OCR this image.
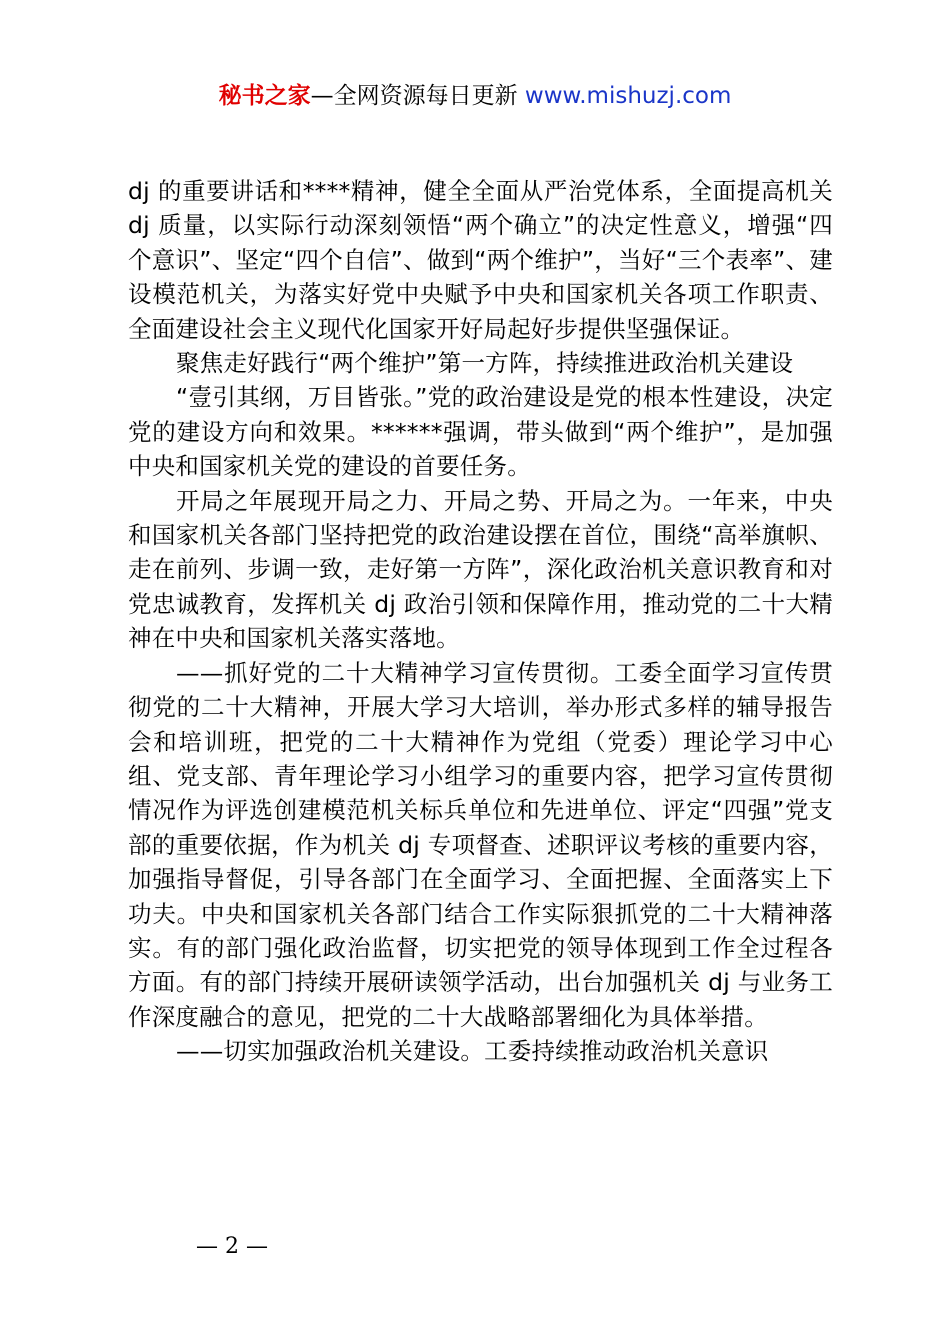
秘书之家—全网资源每日更新 www.mishuzj.com

dj 的重要讲话和****精神，健全全面从严治党体系，全面提高机关 dj 质量，以实际行动深刻领悟“两个确立”的决定性意义，增强“四个意识”、坚定“四个自信”、做到“两个维护”，当好“三个表率”、建设模范机关，为落实好党中央赋予中央和国家机关各项工作职责、全面建设社会主义现代化国家开好局起好步提供坚强保证。

聚焦走好践行“两个维护”第一方阵，持续推进政治机关建设

“壹引其纲，万目皆张。”党的政治建设是党的根本性建设，决定党的建设方向和效果。******强调，带头做到“两个维护”，是加强中央和国家机关党的建设的首要任务。

开局之年展现开局之力、开局之势、开局之为。一年来，中央和国家机关各部门坚持把党的政治建设摆在首位，围绕“高举旗帜、走在前列、步调一致，走好第一方阵”，深化政治机关意识教育和对党忠诚教育，发挥机关 dj 政治引领和保障作用，推动党的二十大精神在中央和国家机关落实落地。

——抓好党的二十大精神学习宣传贯彻。工委全面学习宣传贯彻党的二十大精神，开展大学习大培训，举办形式多样的辅导报告会和培训班，把党的二十大精神作为党组（党委）理论学习中心组、党支部、青年理论学习小组学习的重要内容，把学习宣传贯彻情况作为评选创建模范机关标兵单位和先进单位、评定“四强”党支部的重要依据，作为机关 dj 专项督查、述职评议考核的重要内容，加强指导督促，引导各部门在全面学习、全面把握、全面落实上下功夫。中央和国家机关各部门结合工作实际狠抓党的二十大精神落实。有的部门强化政治监督，切实把党的领导体现到工作全过程各方面。有的部门持续开展研读领学活动，出台加强机关 dj 与业务工作深度融合的意见，把党的二十大战略部署细化为具体举措。

——切实加强政治机关建设。工委持续推动政治机关意识

— 2 —
